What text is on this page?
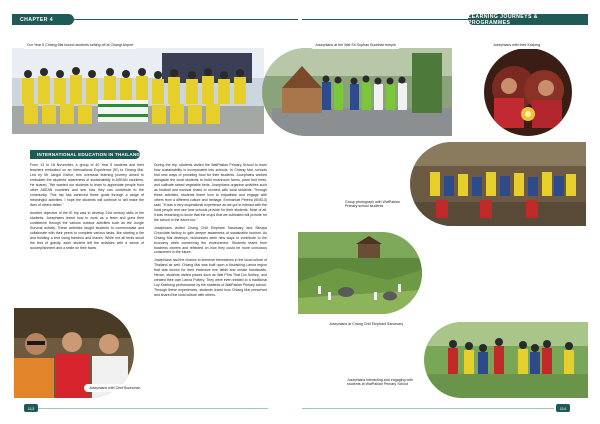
CHAPTER 4	LEARNING JOURNEYS & PROGRAMMES
Our Year 5 Chiang Mai bound students setting off at Changi Airport	Josephians at the Wat Sri Suphan Buddhist temple	Josephians with their Kratong
INTERNATIONAL EDUCATION IN THAILAND

From 13 to 18 November, a group of 40 Year 5 students and their teachers embarked on an International Experience (IE) to Chiang Mai. Led by Mr Jangid Kishor, this overseas learning journey aimed to embolden the students' awareness of sustainability in ASEAN countries. He shared, "We wanted our students to learn to appreciate people from other ASEAN countries and see how they can contribute to the community. This trip has achieved these goals through a range of meaningful activities. I hope the students will continue to will make the lives of others better."

Another objective of the IE trip was to develop 21st century skills in the students. Josephians learnt how to work as a team and grew their confidence through the various outdoor activities such as the Jungle Survival activity. These activities taught students to communicate and collaborate with their peers to complete various tasks, like starting a fire and building a tent using bamboo and leaves. While not all tents stood the test of gravity, each student left the activities with a sense of accomplishment and a smile on their faces.

During the trip, students visited the WatPaklan Primary School to learn how sustainability is incorporated into schools. In Chiang Mai, schools find new ways of providing food for their students. Josephians worked alongside the local students to build mushroom farms, plant fruit trees, and cultivate raised vegetable beds. Josephians organise activities such as football and musical chairs to connect with local students. Through these activities, students learnt how to empathise and engage with others from a different culture and heritage. Emmanuel Pereira (5NS13) said, "It was a very inspirational experience as we got to interact with the local people and see how schools provide for their students. Most of all, it was rewarding to know that the crops that we cultivated will provide for the school in the future too."

Josephians visited Chang Chill Elephant Sanctuary and Simaya Chocolate factory to gain deeper awareness of sustainable tourism. As Chiang Mai develops, businesses seek new ways to contribute to the economy while conserving the environment. Students learnt from business owners and reflected on how they could be more conscious consumers in the future.

Josephians had the chance to immerse themselves in the local culture of Thailand as well. Chiang Mai was built upon a flourishing Lanna region that was known for their extensive rice fields and ornate handicrafts. Hence, students visited places such as Wat Phra That Doi Suthep, and created their own Lanna Pottery. They were even treated to a traditional Loy Krathong performance by the students of WatPaklan Primary school. Through these experiences, students learnt how Chiang Mai preserved and shared the local culture with others.

Josephians with Chef Boonchan
Group photograph with WatPaklan Primary school students
Josephians at Chang Chill Elephant Sanctuary
Josephians interacting and engaging with students at WatPaklan Primary School
113	114
